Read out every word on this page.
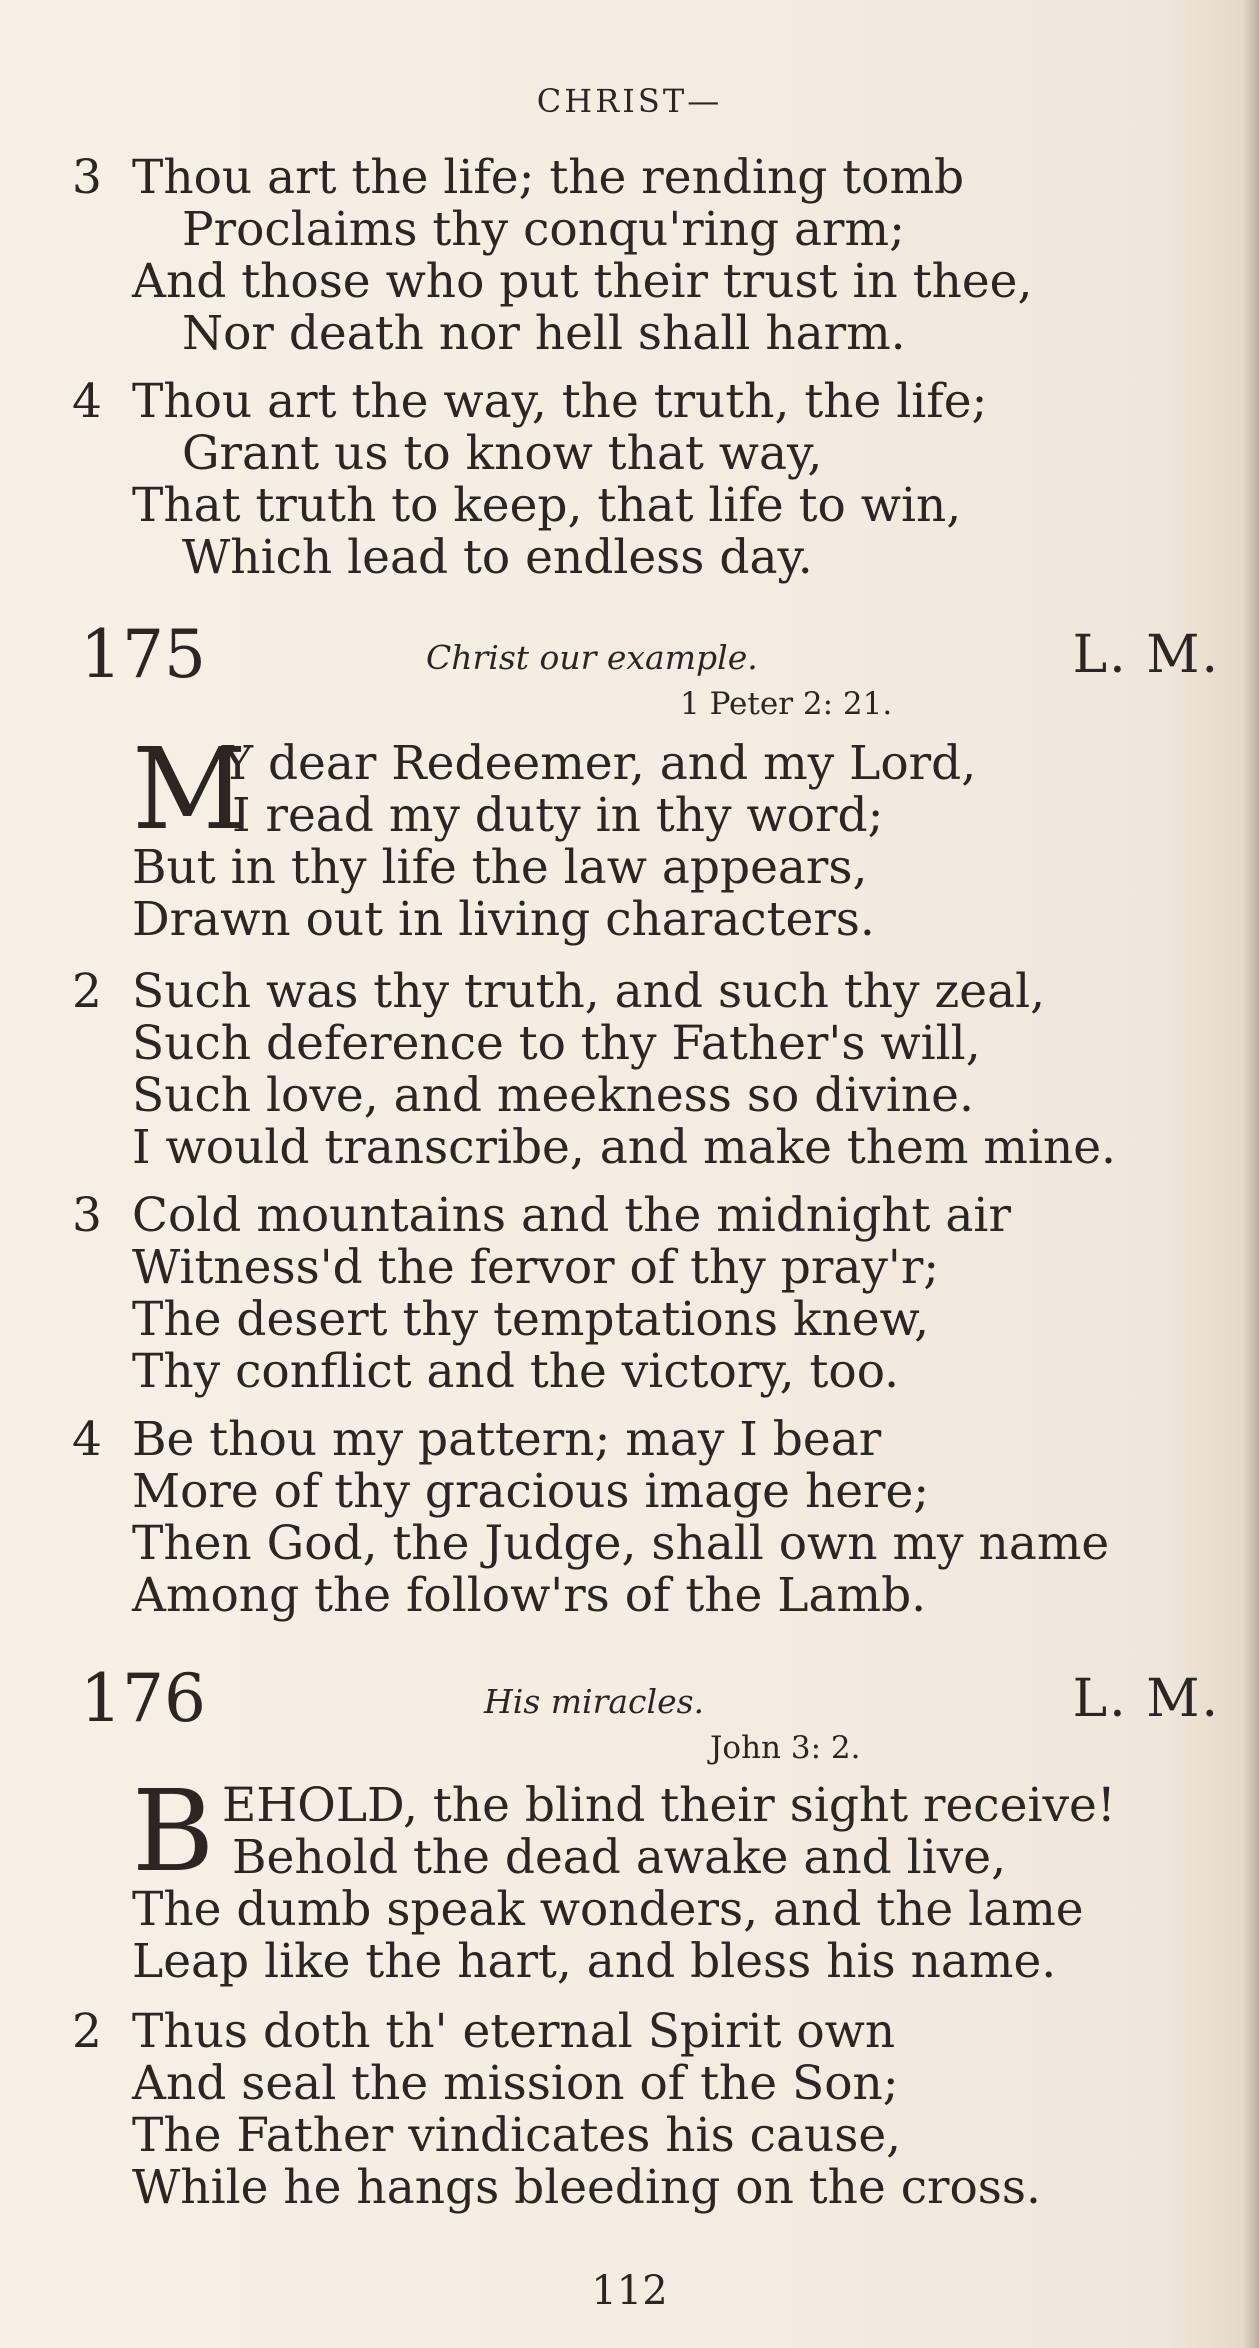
CHRIST—
3 Thou art the life; the rending tomb
Proclaims thy conqu'ring arm;
And those who put their trust in thee,
Nor death nor hell shall harm.
4 Thou art the way, the truth, the life;
Grant us to know that way,
That truth to keep, that life to win,
Which lead to endless day.
175	Christ our example.	L. M.
1 Peter 2: 21.
M
Y dear Redeemer, and my Lord,
I read my duty in thy word;
But in thy life the law appears,
Drawn out in living characters.
2 Such was thy truth, and such thy zeal,
Such deference to thy Father's will,
Such love, and meekness so divine.
I would transcribe, and make them mine.
3 Cold mountains and the midnight air
Witness'd the fervor of thy pray'r;
The desert thy temptations knew,
Thy conflict and the victory, too.
4 Be thou my pattern; may I bear
More of thy gracious image here;
Then God, the Judge, shall own my name
Among the follow'rs of the Lamb.
176	His miracles.	L. M.
John 3: 2.
B EHOLD, the blind their sight receive!
Behold the dead awake and live,
The dumb speak wonders, and the lame
Leap like the hart, and bless his name.
2 Thus doth th' eternal Spirit own
And seal the mission of the Son;
The Father vindicates his cause,
While he hangs bleeding on the cross.
112
